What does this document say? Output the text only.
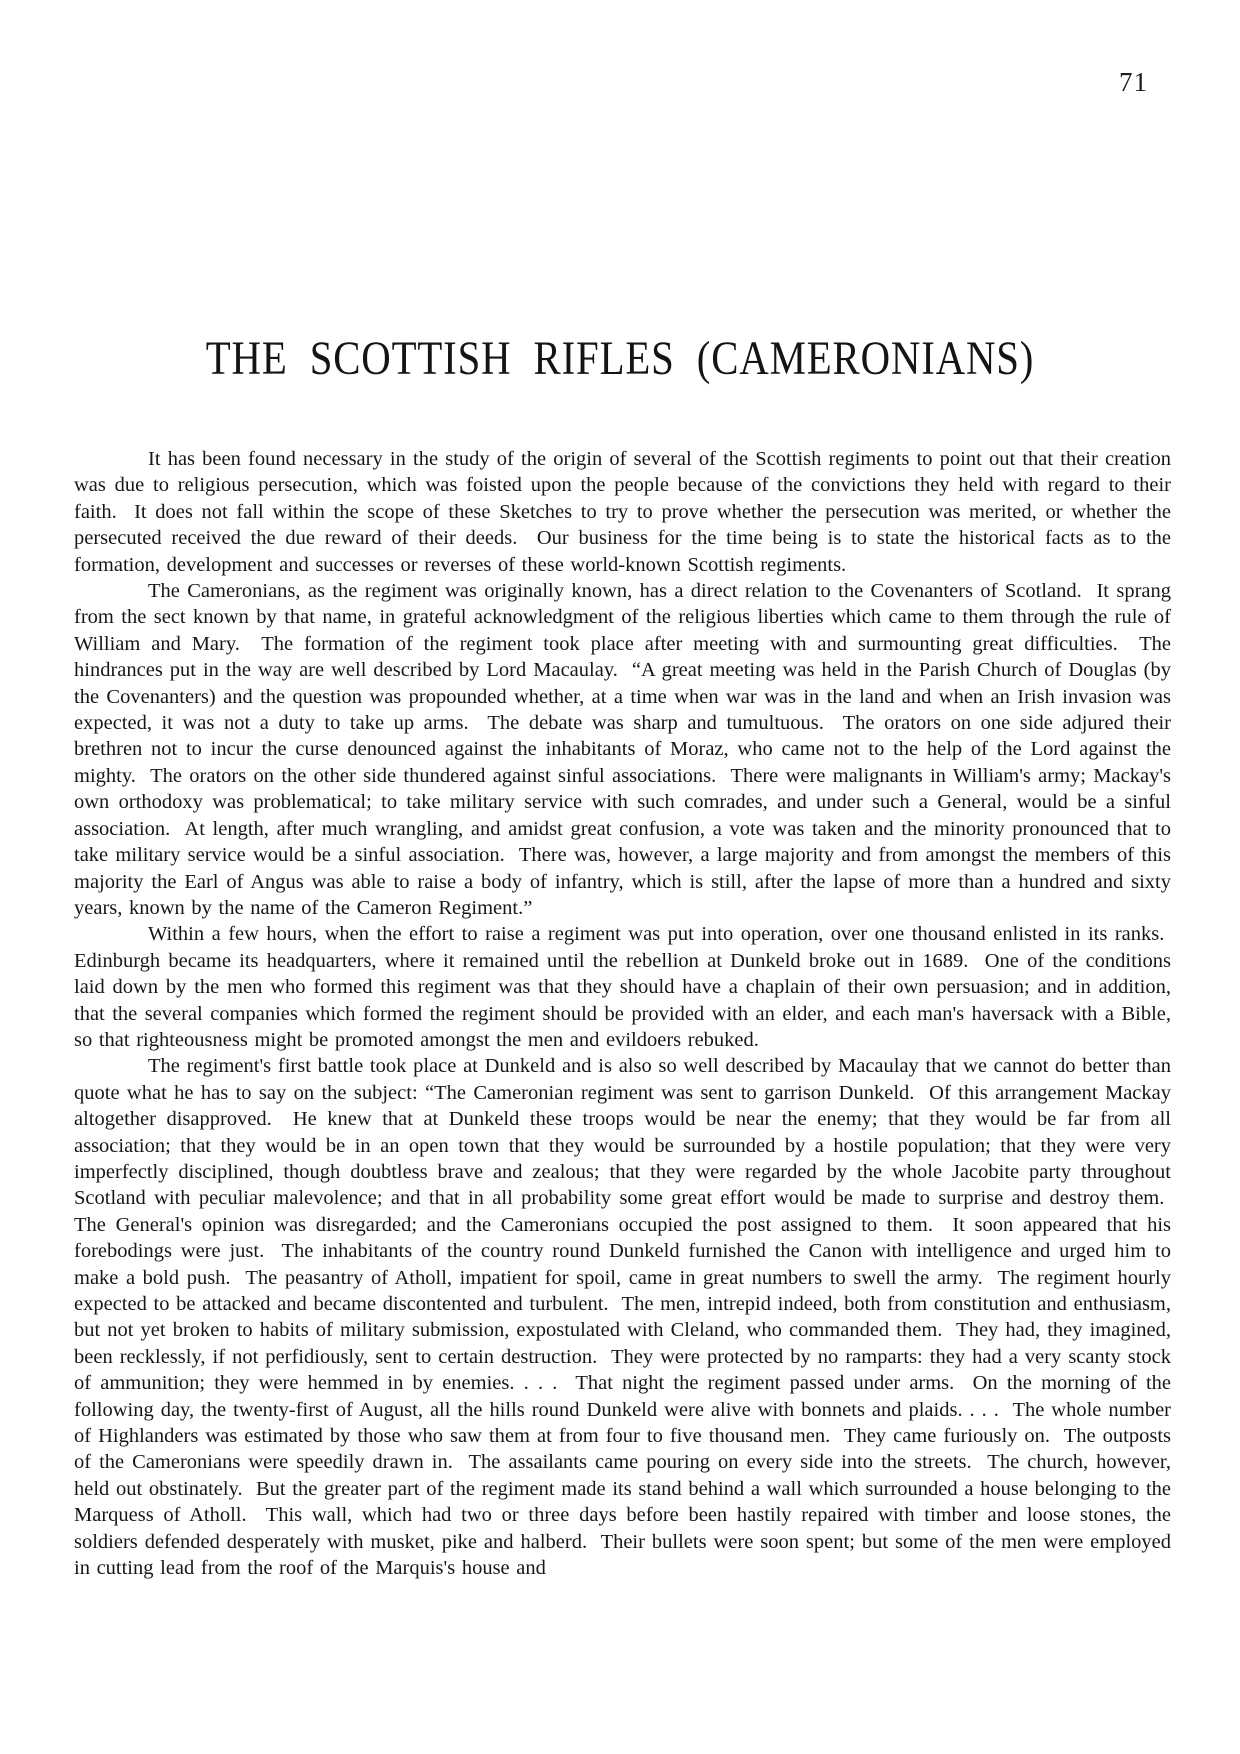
71
THE SCOTTISH RIFLES (CAMERONIANS)

It has been found necessary in the study of the origin of several of the Scottish regiments to point out that their creation was due to religious persecution, which was foisted upon the people because of the convictions they held with regard to their faith.  It does not fall within the scope of these Sketches to try to prove whether the persecution was merited, or whether the persecuted received the due reward of their deeds.  Our business for the time being is to state the historical facts as to the formation, development and successes or reverses of these world-known Scottish regiments.

The Cameronians, as the regiment was originally known, has a direct relation to the Covenanters of Scotland.  It sprang from the sect known by that name, in grateful acknowledgment of the religious liberties which came to them through the rule of William and Mary.  The formation of the regiment took place after meeting with and surmounting great difficulties.  The hindrances put in the way are well described by Lord Macaulay.  “A great meeting was held in the Parish Church of Douglas (by the Covenanters) and the question was propounded whether, at a time when war was in the land and when an Irish invasion was expected, it was not a duty to take up arms.  The debate was sharp and tumultuous.  The orators on one side adjured their brethren not to incur the curse denounced against the inhabitants of Moraz, who came not to the help of the Lord against the mighty.  The orators on the other side thundered against sinful associations.  There were malignants in William's army; Mackay's own orthodoxy was problematical; to take military service with such comrades, and under such a General, would be a sinful association.  At length, after much wrangling, and amidst great confusion, a vote was taken and the minority pronounced that to take military service would be a sinful association.  There was, however, a large majority and from amongst the members of this majority the Earl of Angus was able to raise a body of infantry, which is still, after the lapse of more than a hundred and sixty years, known by the name of the Cameron Regiment.”

Within a few hours, when the effort to raise a regiment was put into operation, over one thousand enlisted in its ranks.  Edinburgh became its headquarters, where it remained until the rebellion at Dunkeld broke out in 1689.  One of the conditions laid down by the men who formed this regiment was that they should have a chaplain of their own persuasion; and in addition, that the several companies which formed the regiment should be provided with an elder, and each man's haversack with a Bible, so that righteousness might be promoted amongst the men and evildoers rebuked.

The regiment's first battle took place at Dunkeld and is also so well described by Macaulay that we cannot do better than quote what he has to say on the subject: “The Cameronian regiment was sent to garrison Dunkeld.  Of this arrangement Mackay altogether disapproved.  He knew that at Dunkeld these troops would be near the enemy; that they would be far from all association; that they would be in an open town that they would be surrounded by a hostile population; that they were very imperfectly disciplined, though doubtless brave and zealous; that they were regarded by the whole Jacobite party throughout Scotland with peculiar malevolence; and that in all probability some great effort would be made to surprise and destroy them.  The General's opinion was disregarded; and the Cameronians occupied the post assigned to them.  It soon appeared that his forebodings were just.  The inhabitants of the country round Dunkeld furnished the Canon with intelligence and urged him to make a bold push.  The peasantry of Atholl, impatient for spoil, came in great numbers to swell the army.  The regiment hourly expected to be attacked and became discontented and turbulent.  The men, intrepid indeed, both from constitution and enthusiasm, but not yet broken to habits of military submission, expostulated with Cleland, who commanded them.  They had, they imagined, been recklessly, if not perfidiously, sent to certain destruction.  They were protected by no ramparts: they had a very scanty stock of ammunition; they were hemmed in by enemies. . . .  That night the regiment passed under arms.  On the morning of the following day, the twenty-first of August, all the hills round Dunkeld were alive with bonnets and plaids. . . .  The whole number of Highlanders was estimated by those who saw them at from four to five thousand men.  They came furiously on.  The outposts of the Cameronians were speedily drawn in.  The assailants came pouring on every side into the streets.  The church, however, held out obstinately.  But the greater part of the regiment made its stand behind a wall which surrounded a house belonging to the Marquess of Atholl.  This wall, which had two or three days before been hastily repaired with timber and loose stones, the soldiers defended desperately with musket, pike and halberd.  Their bullets were soon spent; but some of the men were employed in cutting lead from the roof of the Marquis's house and
